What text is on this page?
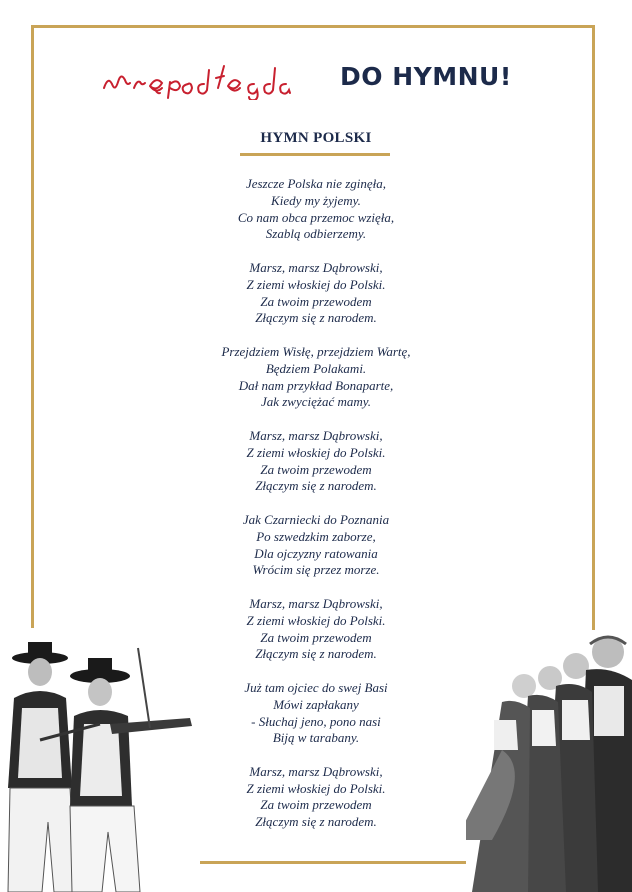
DO HYMNU!
HYMN POLSKI
Jeszcze Polska nie zginęła,
Kiedy my żyjemy.
Co nam obca przemoc wzięła,
Szablą odbierzemy.
Marsz, marsz Dąbrowski,
Z ziemi włoskiej do Polski.
Za twoim przewodem
Złączym się z narodem.
Przejdziem Wisłę, przejdziem Wartę,
Będziem Polakami.
Dał nam przykład Bonaparte,
Jak zwyciężać mamy.
Marsz, marsz Dąbrowski,
Z ziemi włoskiej do Polski.
Za twoim przewodem
Złączym się z narodem.
Jak Czarniecki do Poznania
Po szwedzkim zaborze,
Dla ojczyzny ratowania
Wrócim się przez morze.
Marsz, marsz Dąbrowski,
Z ziemi włoskiej do Polski.
Za twoim przewodem
Złączym się z narodem.
Już tam ojciec do swej Basi
Mówi zapłakany
- Słuchaj jeno, pono nasi
Biją w tarabany.
Marsz, marsz Dąbrowski,
Z ziemi włoskiej do Polski.
Za twoim przewodem
Złączym się z narodem.
